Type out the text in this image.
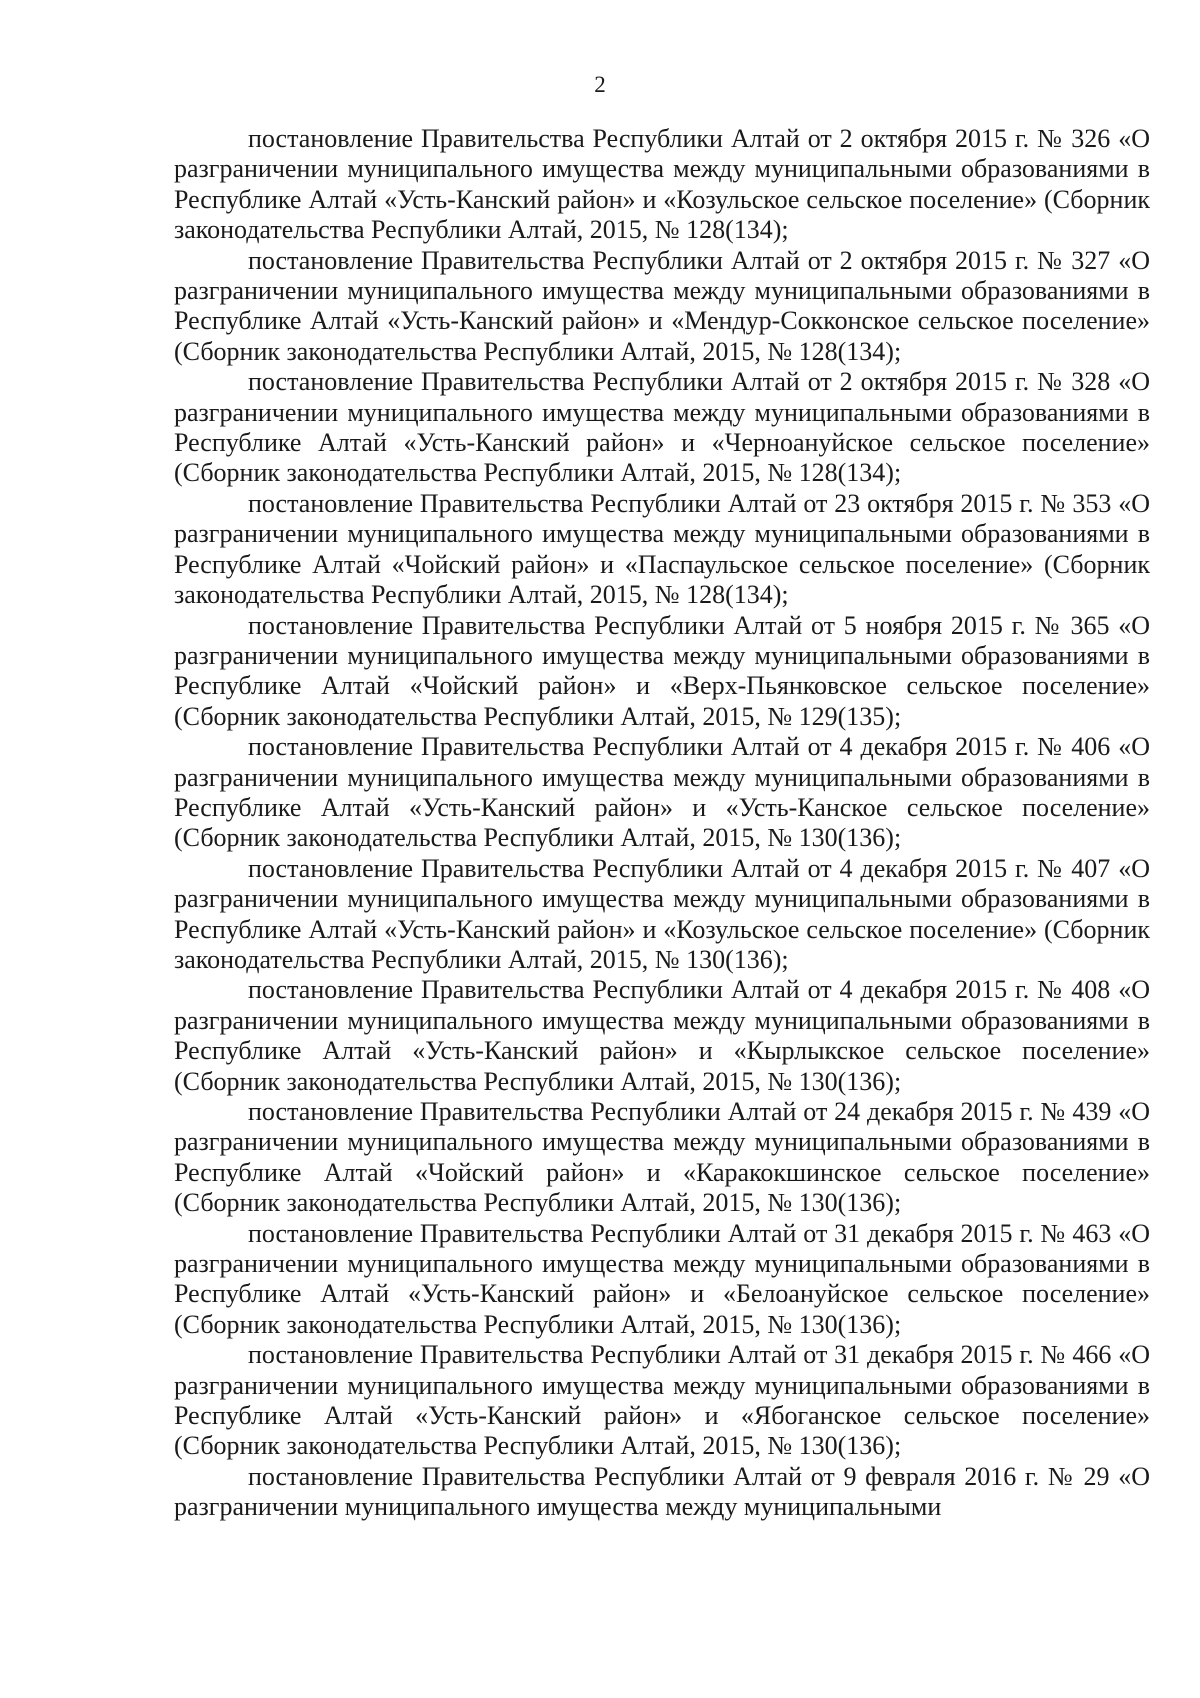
2

постановление Правительства Республики Алтай от 2 октября 2015 г. № 326 «О разграничении муниципального имущества между муниципальными образованиями в Республике Алтай «Усть-Канский район» и «Козульское сельское поселение» (Сборник законодательства Республики Алтай, 2015, № 128(134);

постановление Правительства Республики Алтай от 2 октября 2015 г. № 327 «О разграничении муниципального имущества между муниципальными образованиями в Республике Алтай «Усть-Канский район» и «Мендур-Сокконское сельское поселение» (Сборник законодательства Республики Алтай, 2015, № 128(134);

постановление Правительства Республики Алтай от 2 октября 2015 г. № 328 «О разграничении муниципального имущества между муниципальными образованиями в Республике Алтай «Усть-Канский район» и «Черноануйское сельское поселение» (Сборник законодательства Республики Алтай, 2015, № 128(134);

постановление Правительства Республики Алтай от 23 октября 2015 г. № 353 «О разграничении муниципального имущества между муниципальными образованиями в Республике Алтай «Чойский район» и «Паспаульское сельское поселение» (Сборник законодательства Республики Алтай, 2015, № 128(134);

постановление Правительства Республики Алтай от 5 ноября 2015 г. № 365 «О разграничении муниципального имущества между муниципальными образованиями в Республике Алтай «Чойский район» и «Верх-Пьянковское сельское поселение» (Сборник законодательства Республики Алтай, 2015, № 129(135);

постановление Правительства Республики Алтай от 4 декабря 2015 г. № 406 «О разграничении муниципального имущества между муниципальными образованиями в Республике Алтай «Усть-Канский район» и «Усть-Канское сельское поселение» (Сборник законодательства Республики Алтай, 2015, № 130(136);

постановление Правительства Республики Алтай от 4 декабря 2015 г. № 407 «О разграничении муниципального имущества между муниципальными образованиями в Республике Алтай «Усть-Канский район» и «Козульское сельское поселение» (Сборник законодательства Республики Алтай, 2015, № 130(136);

постановление Правительства Республики Алтай от 4 декабря 2015 г. № 408 «О разграничении муниципального имущества между муниципальными образованиями в Республике Алтай «Усть-Канский район» и «Кырлыкское сельское поселение» (Сборник законодательства Республики Алтай, 2015, № 130(136);

постановление Правительства Республики Алтай от 24 декабря 2015 г. № 439 «О разграничении муниципального имущества между муниципальными образованиями в Республике Алтай «Чойский район» и «Каракокшинское сельское поселение» (Сборник законодательства Республики Алтай, 2015, № 130(136);

постановление Правительства Республики Алтай от 31 декабря 2015 г. № 463 «О разграничении муниципального имущества между муниципальными образованиями в Республике Алтай «Усть-Канский район» и «Белоануйское сельское поселение» (Сборник законодательства Республики Алтай, 2015, № 130(136);

постановление Правительства Республики Алтай от 31 декабря 2015 г. № 466 «О разграничении муниципального имущества между муниципальными образованиями в Республике Алтай «Усть-Канский район» и «Ябоганское сельское поселение» (Сборник законодательства Республики Алтай, 2015, № 130(136);

постановление Правительства Республики Алтай от 9 февраля 2016 г. № 29 «О разграничении муниципального имущества между муниципальными
